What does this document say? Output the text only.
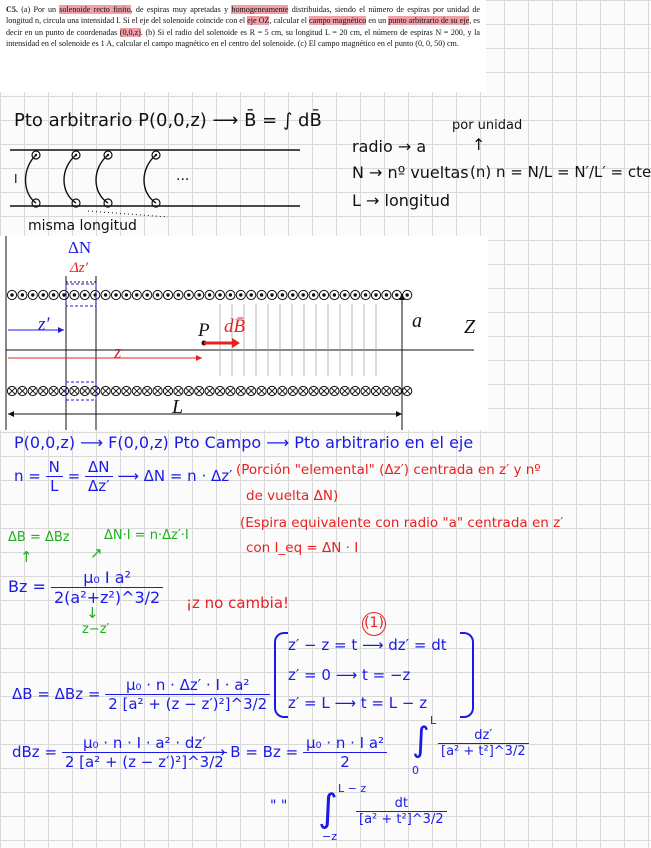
C5. (a) Por un solenoide recto finito, de espiras muy apretadas y homogeneamente distribuidas, siendo el número de espiras por unidad de longitud n, circula una intensidad I. Si el eje del solenoide coincide con el eje OZ, calcular el campo magnético en un punto arbitrario de su eje, es decir en un punto de coordenadas (0,0,z). (b) Si el radio del solenoide es R = 5 cm, su longitud L = 20 cm, el número de espiras N = 200, y la intensidad en el solenoide es 1 A, calcular el campo magnético en el centro del solenoide. (c) El campo magnético en el punto (0, 0, 50) cm.
Pto arbitrario P(0,0,z) ⟶ B̄ = ∫ dB̄	por unidad
↑
radio → a
N → nº vueltas (n) n = N/L = N′/L′ = cte
L → longitud
I	···
misma longitud
ΔN
Δz′
a Z
P dB̄
z′
z
L
P(0,0,z) ⟶ F(0,0,z) Pto Campo ⟶ Pto arbitrario en el eje
$n = \frac{N}{L} = \frac{\Delta N}{\Delta z'}$ ⟶ ΔN = n · Δz′ (Porción "elemental" (Δz′) centrada en z′ y nº
de vuelta ΔN)
(Espira equivalente con radio "a" centrada en z′
con I_eq = ΔN · I
ΔB = ΔBz	ΔN·I = n·Δz′·I
↑	↗
$Bz = \frac{\text{μ₀ I a²}}{\text{2(a²+z²)\textasciicircum{}3/2}}$
↓
z−z′
¡z no cambia!
(1)
z′ − z = t ⟶ dz′ = dt
z′ = 0 ⟶ t = −z
z′ = L ⟶ t = L − z
$\Delta B = \Delta Bz = \frac{\text{μ₀ · n · Δz′ · I · a²}}{\text{2 [a² + (z − z′)²]\textasciicircum{}3/2}}$
dBz = $\frac{\text{μ₀ · n · I · a² · dz′}}{\text{2 [a² + (z − z′)²]\textasciicircum{}3/2}}$
⟶ $B = Bz = \frac{\text{μ₀ · n · I a²}}{2}$ ∫ L
0
$\frac{dz'}{\text{[a² + t²]\textasciicircum{}3/2}}$
" " ∫ L − z
−z
$\frac{dt}{\text{[a² + t²]\textasciicircum{}3/2}}$
